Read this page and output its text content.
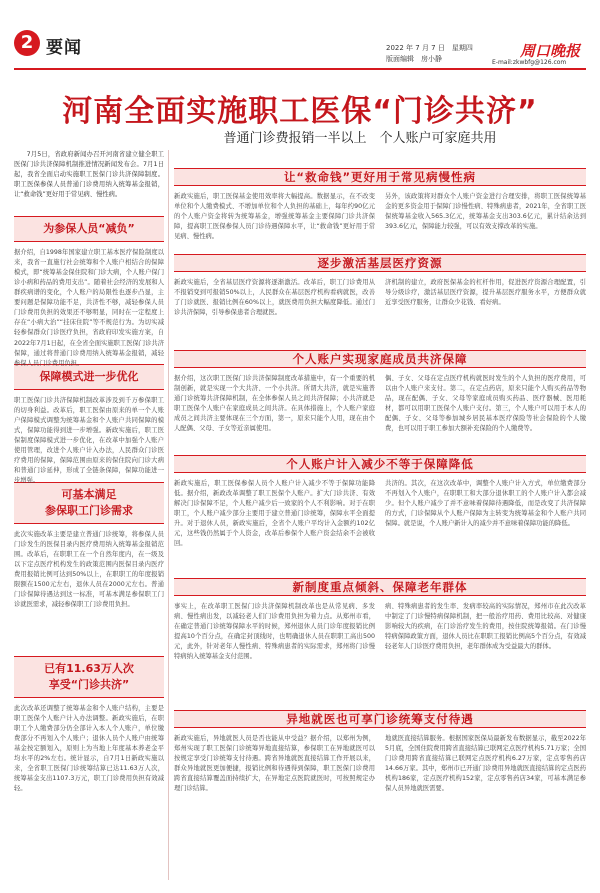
2 要闻	2022 年 7 月 7 日　星期四
版面编辑　房小静	周口晚报
E-mail:zkwbfg@126.com
河南全面实施职工医保“门诊共济”
普通门诊费报销一半以上　个人账户可家庭共用

7月5日，省政府新闻办召开河南省建立健全职工医保门诊共济保障机制推进情况新闻发布会。7月1日起，我省全面启动实施职工医保门诊共济保障制度。职工医保参保人员普通门诊费用纳入统筹基金报销，让“救命钱”更好用于常见病、慢性病。

为参保人员“减负”

据介绍，自1998年国家建立职工基本医疗保险制度以来，我省一直施行社会统筹和个人账户相结合的保障模式，即“统筹基金保住院和门诊大病，个人账户保门诊小病和药品的费用支出”。随着社会经济的发展和人群疾病谱的变化，个人账户的局限性也逐步凸显，主要问题是保障功能不足，共济性不够，减轻参保人员门诊费用负担的效果还不够明显，同时在一定程度上存在“小病大治”“挂床住院”等不规范行为。为切实减轻参保群众门诊医疗负担，省政府印发实施方案，自2022年7月1日起，在全省全面实施职工医保门诊共济保障，通过将普通门诊费用纳入统筹基金报销，减轻参保人员门诊费用负担。

保障模式进一步优化

职工医保门诊共济保障机制改革涉及到千万参保职工的切身利益。改革后，职工医保由原来的单一个人账户保障模式调整为统筹基金和个人账户共同保障的模式，保障功能得到进一步增强。新政实施后，职工医保制度保障模式进一步优化，在改革中加强个人账户使用管理，改进个人账户计入办法，人民群众门诊医疗费用的保障，保障范围由原来的保住院向门诊大病和普通门诊延伸，形成了全链条保障，保障功能进一步增强。

可基本满足
参保职工门诊需求

此次实施改革主要是建立普通门诊统筹，将参保人员门诊发生的医保目录内医疗费用纳入统筹基金报销范围。改革后，在职职工在一个自然年度内，在一级及以下定点医疗机构发生的政策范围内医保目录内医疗费用报销比例可达到50%以上，在职职工的年度报销限额在1500元左右，退休人员在2000元左右。普通门诊保障待遇达到这一标准，可基本满足参保职工门诊就医需求，减轻参保职工门诊费用负担。

已有11.63万人次
享受“门诊共济”

此次改革还调整了统筹基金和个人账户结构，主要是职工医保个人账户计入办法调整。新政实施后，在职职工个人缴费部分仍全部计入本人个人账户，单位缴费部分不再划入个人账户；退休人员个人账户由统筹基金按定额划入，原则上为当地上年度基本养老金平均水平的2%左右。统计显示，自7月1日新政实施以来，全省职工医保门诊统筹结算已达11.63万人次，统筹基金支出1107.3万元，职工门诊费用负担有效减轻。

让“救命钱”更好用于常见病慢性病

新政实施后，职工医保基金使用效率将大幅提高。数据显示，在不改变单位和个人缴费模式、不增加单位和个人负担的基础上，每年约90亿元的个人账户资金将转为统筹基金，增强统筹基金主要保障门诊共济保障，提高职工医保参保人员门诊待遇保障水平，让“救命钱”更好用于常见病、慢性病。

另外，该政策将对群众个人账户资金进行合理安排，将职工医保统筹基金的更多资金用于保障门诊慢性病、特殊病患者，2021年，全省职工医保统筹基金收入565.3亿元，统筹基金支出303.6亿元，累计结余达到393.6亿元，保障能力较强，可以有效支撑改革的实施。

逐步激活基层医疗资源

新政实施后，全省基层医疗资源将逐渐激活。改革后，职工门诊费用从不报销变到可报销50%以上，人民群众在基层医疗机构看病就医，改善了门诊就医、报销比例在60%以上，就医费用负担大幅度降低。通过门诊共济保障，引导参保患者合理就医。

济机制的建立，政府医保基金的杠杆作用，促进医疗资源合理配置，引导分级诊疗，激活基层医疗资源，提升基层医疗服务水平，方便群众就近享受医疗服务，让群众少花钱、看好病。

个人账户实现家庭成员共济保障

据介绍，这次职工医保门诊共济保障制度改革措施中，有一个重要的机制创新，就是实现一个大共济、一个小共济。所谓大共济，就是实施普通门诊统筹共济保障机制，在全体参保人员之间共济保障；小共济就是职工医保个人账户在家庭成员之间共济。在具体措施上，个人账户家庭成员之间共济主要体现在三个方面，第一，原来只能个人用，现在由个人配偶、父母、子女等近亲属使用。

偶、子女、父母在定点医疗机构就医时发生的个人负担的医疗费用，可以由个人账户来支付。第二，在定点药店，原来只能个人购买药品等物品，现在配偶、子女、父母等家庭成员购买药品、医疗器械、医用耗材，都可以用职工医保个人账户支付。第三，个人账户可以用于本人的配偶、子女、父母等参加城乡居民基本医疗保险等社会保险的个人缴费，也可以用于职工参加大额补充保险的个人缴费等。

个人账户计入减少不等于保障降低

新政实施后，职工医保参保人员个人账户计入减少不等于保障功能降低。据介绍，新政改革调整了职工医保个人账户。扩大门诊共济、有效解决门诊保障不足，个人账户减少后一致家的个人不利影响。对于在职职工，个人账户减少部分主要用于建立普通门诊统筹，保障水平全面提升。对于退休人员，新政实施后，全省个人账户平均计入金额约102亿元，这些钱仍然属于个人资金，改革后参保个人账户资金结余不会被收回。

共济的。其次，在这次改革中，调整个人账户计入方式，单位缴费部分不再划入个人账户，在职职工和大部分退休职工的个人账户计入都会减少。但个人账户减少了并不意味着保障待遇降低，而是改变了共济保障的方式，门诊保障从个人账户保障为主转变为统筹基金和个人账户共同保障。就是说，个人账户新计入的减少并不意味着保障功能的降低。

新制度重点倾斜、保障老年群体

事实上，在改革职工医保门诊共济保障机制改革也是从常见病、多发病、慢性病出发，以减轻老人们门诊费用负担为着力点。从郑州市看，在确定普通门诊统筹保障水平的时候，郑州退休人员门诊年度报销比例提高10个百分点，在确定封顶线时，也明确退休人员在职职工高出500元，此外，针对老年人慢性病、特殊病患者的实际需求，郑州将门诊慢特病纳入统筹基金支付范围。

病、特殊病患者的发生率、发病率较高的实际情况，郑州市在此次改革中制定了门诊慢特病保障机制，把一般治疗用药、费用比较高、对健康影响较大的疾病，在门诊治疗发生的费用，按住院统筹报销。在门诊慢特病保障政策方面，退休人员比在职职工报销比例高5个百分点，有效减轻老年人门诊医疗费用负担，老年群体成为受益最大的群体。

异地就医也可享门诊统筹支付待遇

新政实施后，异地就医人员是否也能从中受益？据介绍，以郑州为例，郑州实现了职工医保门诊统筹异地直接结算，参保职工在异地就医可以按规定享受门诊统筹支付待遇。跨省异地就医直接结算工作开展以来，群众异地就医更加便捷，报销比例和待遇得到保障，职工医保门诊费用跨省直接结算覆盖面持续扩大，在异地定点医院就医时，可按照规定办理门诊结算。

地就医直接结算服务。根据国家医保局最新发布数据显示，截至2022年5月底，全国住院费用跨省直接结算已联网定点医疗机构5.71万家；全国门诊费用跨省直接结算已联网定点医疗机构6.27万家，定点零售药店14.66万家。其中，郑州市已开通门诊费用异地就医直接结算的定点医药机构186家，定点医疗机构152家，定点零售药店34家，可基本满足参保人员异地就医需要。
